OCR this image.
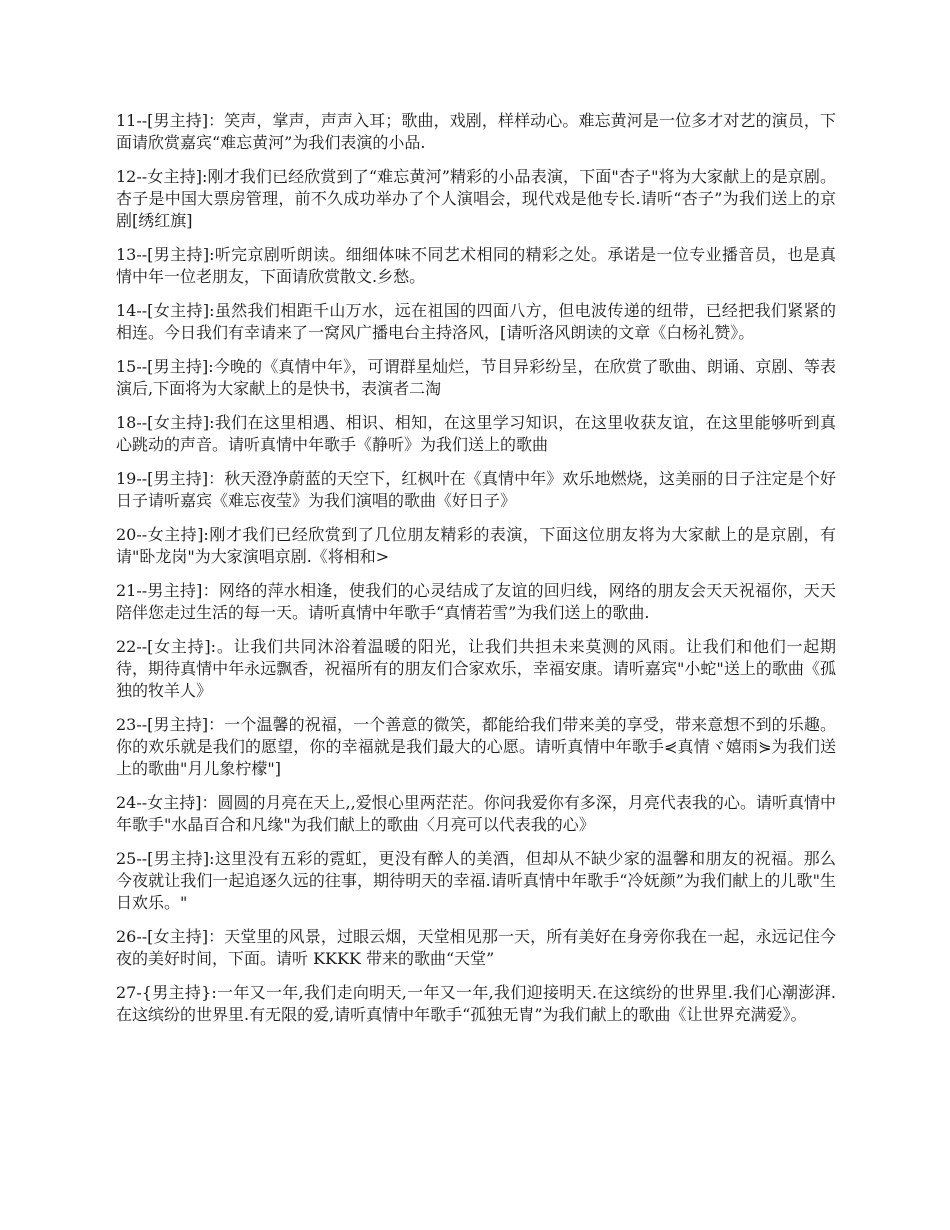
11--[男主持]：笑声，掌声，声声入耳；歌曲，戏剧，样样动心。难忘黄河是一位多才对艺的演员，下面请欣赏嘉宾“难忘黄河”为我们表演的小品.

12--女主持]:刚才我们已经欣赏到了“难忘黄河”精彩的小品表演，下面"杏子"将为大家献上的是京剧。杏子是中国大票房管理，前不久成功举办了个人演唱会，现代戏是他专长.请听“杏子”为我们送上的京剧[绣红旗]

13--[男主持]:听完京剧听朗读。细细体味不同艺术相同的精彩之处。承诺是一位专业播音员，也是真情中年一位老朋友，下面请欣赏散文.乡愁。

14--[女主持]:虽然我们相距千山万水，远在祖国的四面八方，但电波传递的纽带，已经把我们紧紧的相连。今日我们有幸请来了一窝风广播电台主持洛风，[请听洛风朗读的文章《白杨礼赞》。

15--[男主持]:今晚的《真情中年》，可谓群星灿烂，节目异彩纷呈，在欣赏了歌曲、朗诵、京剧、等表演后,下面将为大家献上的是快书，表演者二淘

18--[女主持]:我们在这里相遇、相识、相知，在这里学习知识，在这里收获友谊，在这里能够听到真心跳动的声音。请听真情中年歌手《静听》为我们送上的歌曲

19--[男主持]：秋天澄净蔚蓝的天空下，红枫叶在《真情中年》欢乐地燃烧，这美丽的日子注定是个好日子请听嘉宾《难忘夜莹》为我们演唱的歌曲《好日子》

20--女主持]:刚才我们已经欣赏到了几位朋友精彩的表演，下面这位朋友将为大家献上的是京剧，有请"卧龙岗"为大家演唱京剧.《将相和>

21--男主持]：网络的萍水相逢，使我们的心灵结成了友谊的回归线，网络的朋友会天天祝福你，天天陪伴您走过生活的每一天。请听真情中年歌手“真情若雪”为我们送上的歌曲.

22--[女主持]:。让我们共同沐浴着温暖的阳光，让我们共担未来莫测的风雨。让我们和他们一起期待，期待真情中年永远飘香，祝福所有的朋友们合家欢乐，幸福安康。请听嘉宾"小蛇"送上的歌曲《孤独的牧羊人》

23--[男主持]：一个温馨的祝福，一个善意的微笑，都能给我们带来美的享受，带来意想不到的乐趣。你的欢乐就是我们的愿望，你的幸福就是我们最大的心愿。请听真情中年歌手⋞真情ヾ嬉雨⋟为我们送上的歌曲"月儿象柠檬"]

24--女主持]：圆圆的月亮在天上,,爱恨心里两茫茫。你问我爱你有多深，月亮代表我的心。请听真情中年歌手"水晶百合和凡缘"为我们献上的歌曲〈月亮可以代表我的心》

25--[男主持]:这里没有五彩的霓虹，更没有醉人的美酒，但却从不缺少家的温馨和朋友的祝福。那么今夜就让我们一起追逐久远的往事，期待明天的幸福.请听真情中年歌手“冷妩颜”为我们献上的儿歌"生日欢乐。"

26--[女主持]：天堂里的风景，过眼云烟，天堂相见那一天，所有美好在身旁你我在一起，永远记住今夜的美好时间，下面。请听 KKKK 带来的歌曲“天堂”

27-{男主持}:一年又一年,我们走向明天,一年又一年,我们迎接明天.在这缤纷的世界里.我们心潮澎湃.在这缤纷的世界里.有无限的爱,请听真情中年歌手“孤独无冑”为我们献上的歌曲《让世界充满爱》。
